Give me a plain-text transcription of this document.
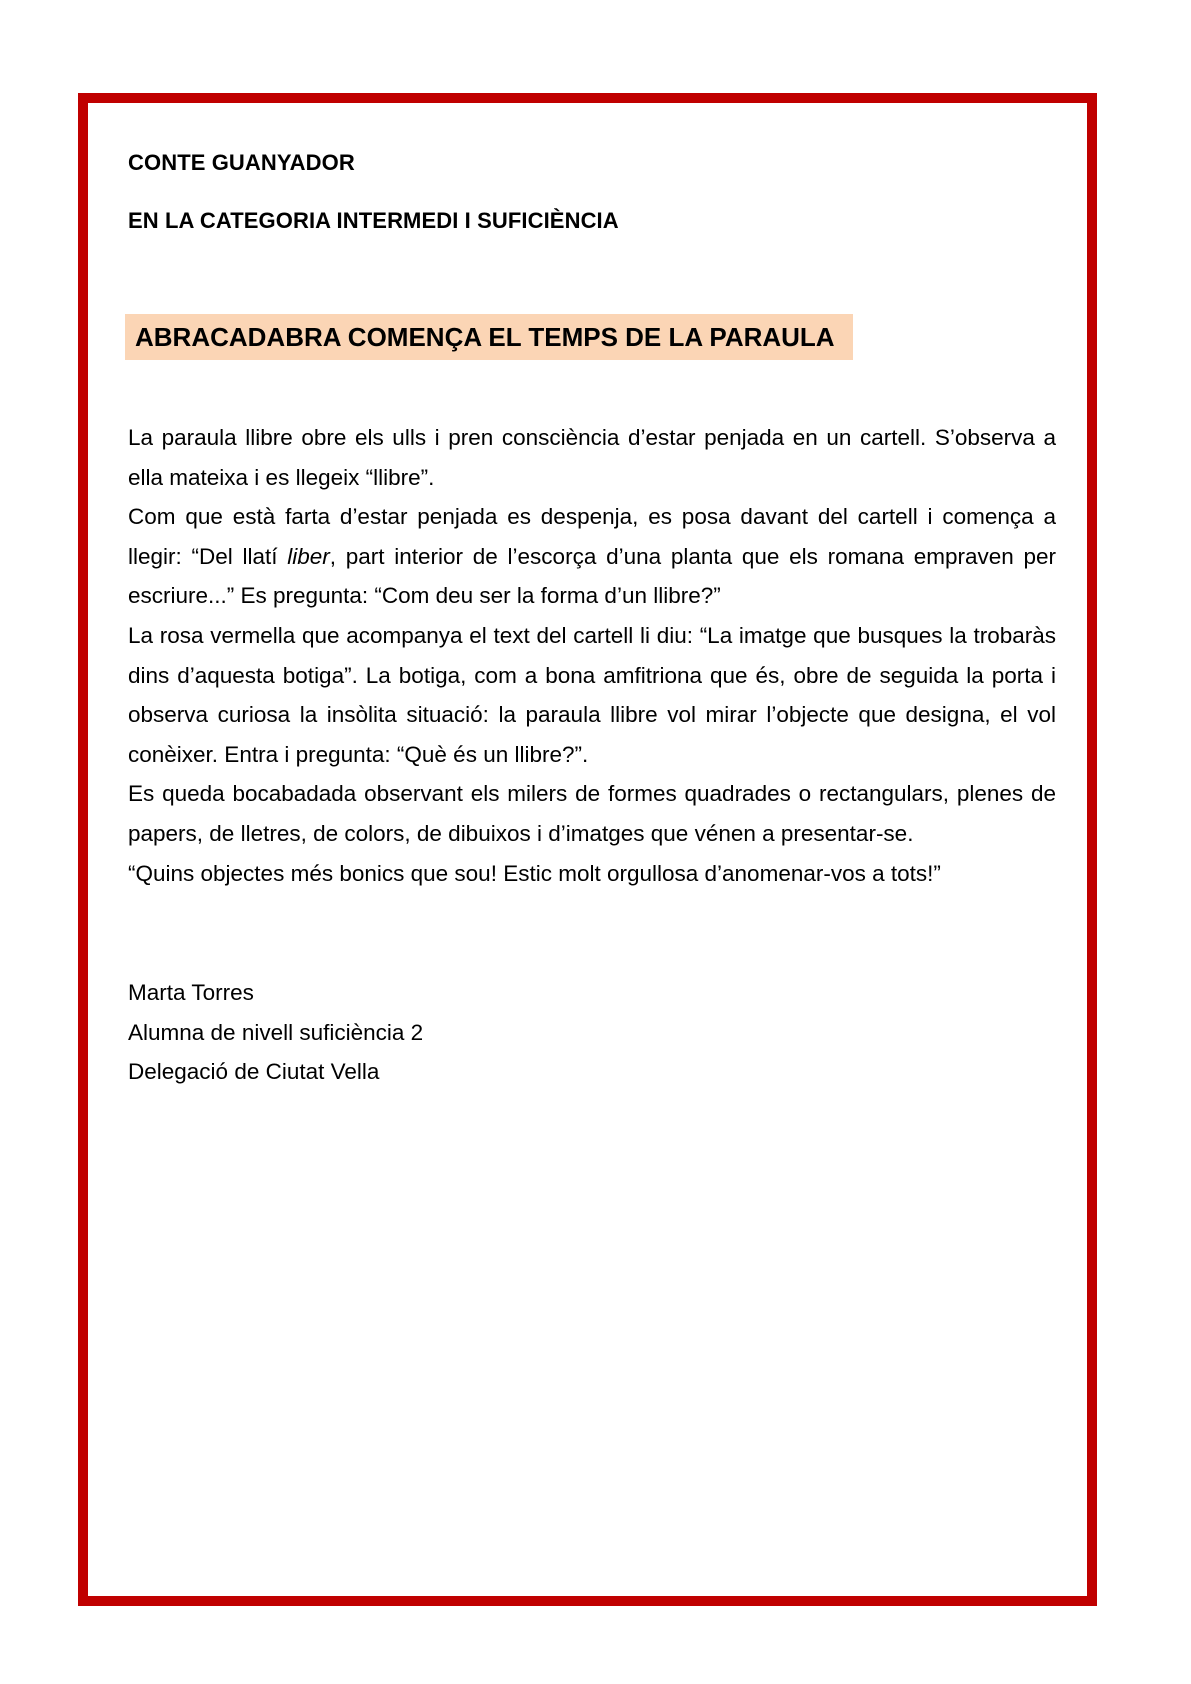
CONTE GUANYADOR

EN LA CATEGORIA INTERMEDI I SUFICIÈNCIA

ABRACADABRA COMENÇA EL TEMPS DE LA PARAULA

La paraula llibre obre els ulls i pren consciència d’estar penjada en un cartell. S’observa a ella mateixa i es llegeix “llibre”.

Com que està farta d’estar penjada es despenja, es posa davant del cartell i comença a llegir: “Del llatí liber, part interior de l’escorça d’una planta que els romana empraven per escriure...” Es pregunta: “Com deu ser la forma d’un llibre?”

La rosa vermella que acompanya el text del cartell li diu: “La imatge que busques la trobaràs dins d’aquesta botiga”. La botiga, com a bona amfitriona que és, obre de seguida la porta i observa curiosa la insòlita situació: la paraula llibre vol mirar l’objecte que designa, el vol conèixer. Entra i pregunta: “Què és un llibre?”.

Es queda bocabadada observant els milers de formes quadrades o rectangulars, plenes de papers, de lletres, de colors, de dibuixos i d’imatges que vénen a presentar-se.

“Quins objectes més bonics que sou! Estic molt orgullosa d’anomenar-vos a tots!”

Marta Torres
Alumna de nivell suficiència 2
Delegació de Ciutat Vella
